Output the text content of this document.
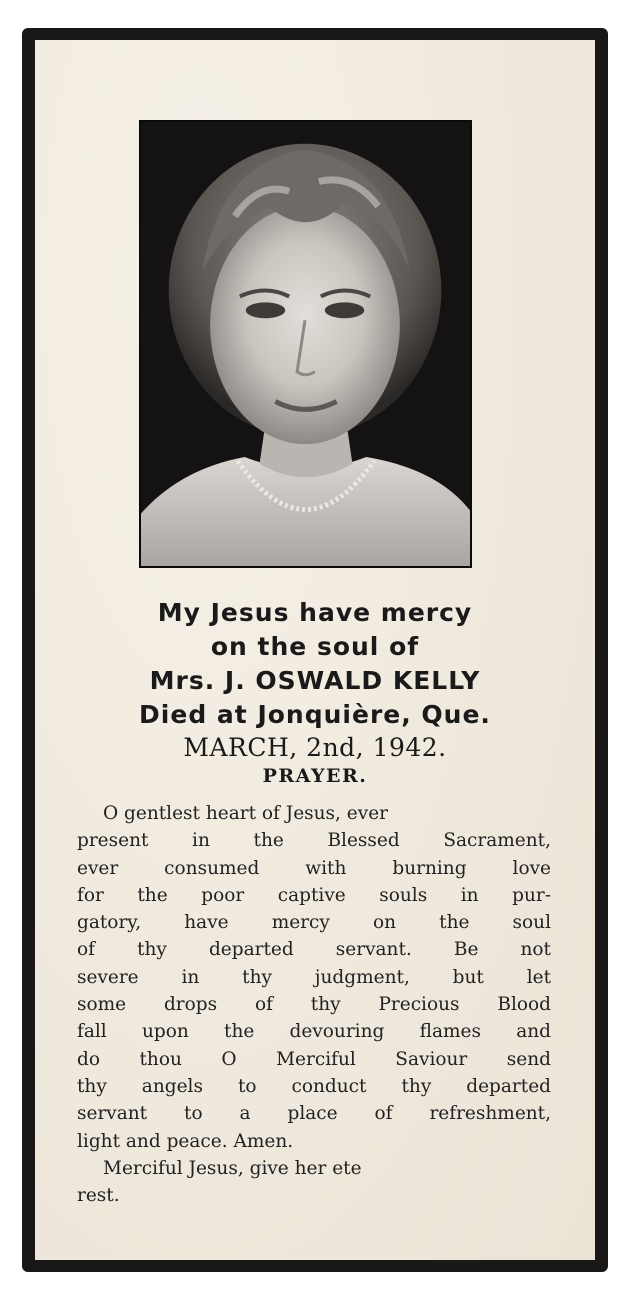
My Jesus have mercy

on the soul of

Mrs. J. OSWALD KELLY

Died at Jonquière, Que.

MARCH, 2nd, 1942.

PRAYER.

O gentlest heart of Jesus, ever
present in the Blessed Sacrament,
ever consumed with burning love
for the poor captive souls in pur-
gatory, have mercy on the soul
of thy departed servant. Be not
severe in thy judgment, but let
some drops of thy Precious Blood
fall upon the devouring flames and
do thou O Merciful Saviour send
thy angels to conduct thy departed
servant to a place of refreshment,
light and peace. Amen.
Merciful Jesus, give her ete
rest.
